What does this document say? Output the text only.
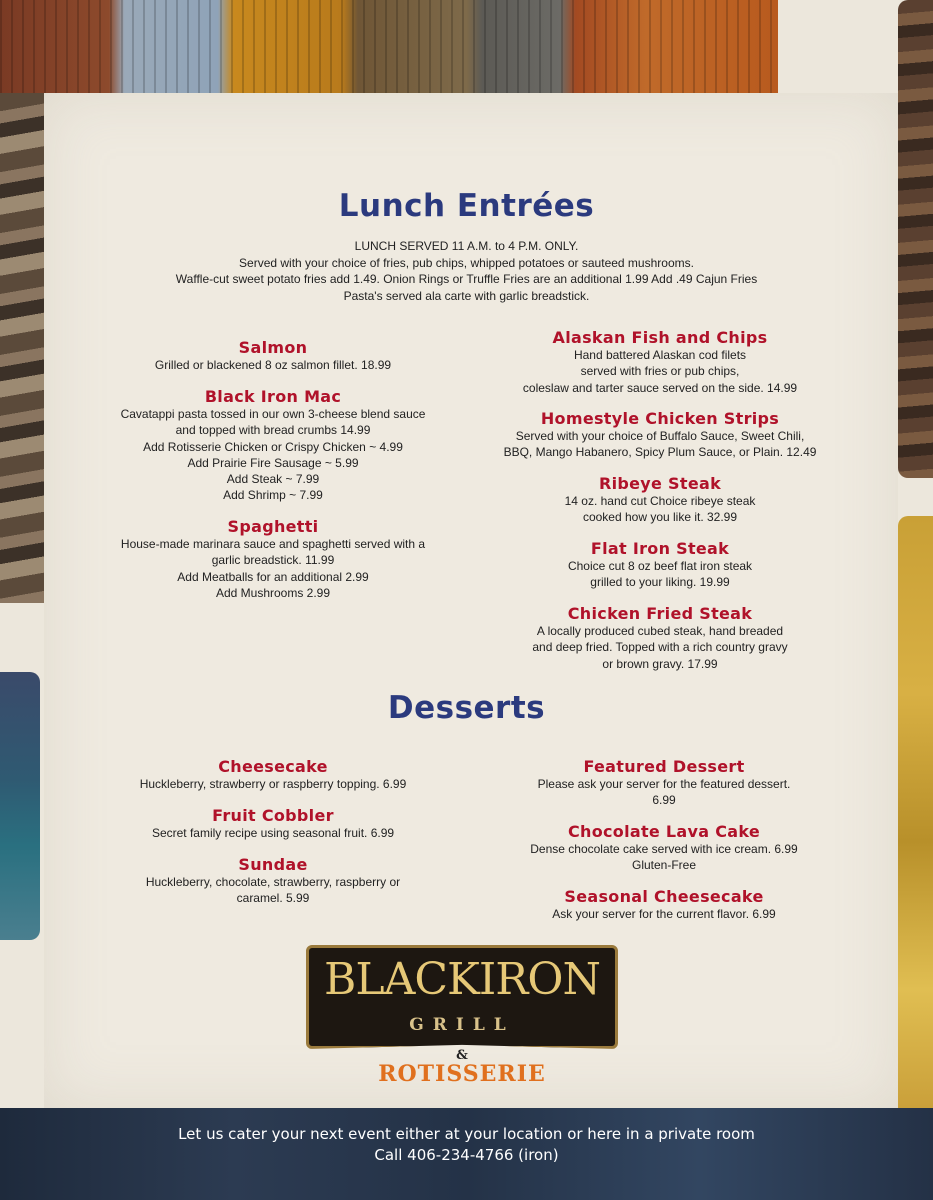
Lunch Entrées
LUNCH SERVED 11 A.M. to 4 P.M. ONLY.
Served with your choice of fries, pub chips, whipped potatoes or sauteed mushrooms.
Waffle-cut sweet potato fries add 1.49. Onion Rings or Truffle Fries are an additional 1.99 Add .49 Cajun Fries
Pasta's served ala carte with garlic breadstick.
Salmon

Grilled or blackened 8 oz salmon fillet. 18.99

Black Iron Mac

Cavatappi pasta tossed in our own 3-cheese blend sauce
and topped with bread crumbs 14.99
Add Rotisserie Chicken or Crispy Chicken ~ 4.99
Add Prairie Fire Sausage ~ 5.99
Add Steak ~ 7.99
Add Shrimp ~ 7.99

Spaghetti

House-made marinara sauce and spaghetti served with a
garlic breadstick. 11.99
Add Meatballs for an additional 2.99
Add Mushrooms 2.99

Alaskan Fish and Chips

Hand battered Alaskan cod filets
served with fries or pub chips,
coleslaw and tarter sauce served on the side. 14.99

Homestyle Chicken Strips

Served with your choice of Buffalo Sauce, Sweet Chili,
BBQ, Mango Habanero, Spicy Plum Sauce, or Plain. 12.49

Ribeye Steak

14 oz. hand cut Choice ribeye steak
cooked how you like it. 32.99

Flat Iron Steak

Choice cut 8 oz beef flat iron steak
grilled to your liking. 19.99

Chicken Fried Steak

A locally produced cubed steak, hand breaded
and deep fried. Topped with a rich country gravy
or brown gravy. 17.99

Desserts
Cheesecake

Huckleberry, strawberry or raspberry topping. 6.99

Fruit Cobbler

Secret family recipe using seasonal fruit. 6.99

Sundae

Huckleberry, chocolate, strawberry, raspberry or
caramel. 5.99

Featured Dessert

Please ask your server for the featured dessert.
6.99

Chocolate Lava Cake

Dense chocolate cake served with ice cream. 6.99
Gluten-Free

Seasonal Cheesecake

Ask your server for the current flavor. 6.99

BLACKIRON
GRILL
&
ROTISSERIE
Let us cater your next event either at your location or here in a private room
Call 406-234-4766 (iron)
